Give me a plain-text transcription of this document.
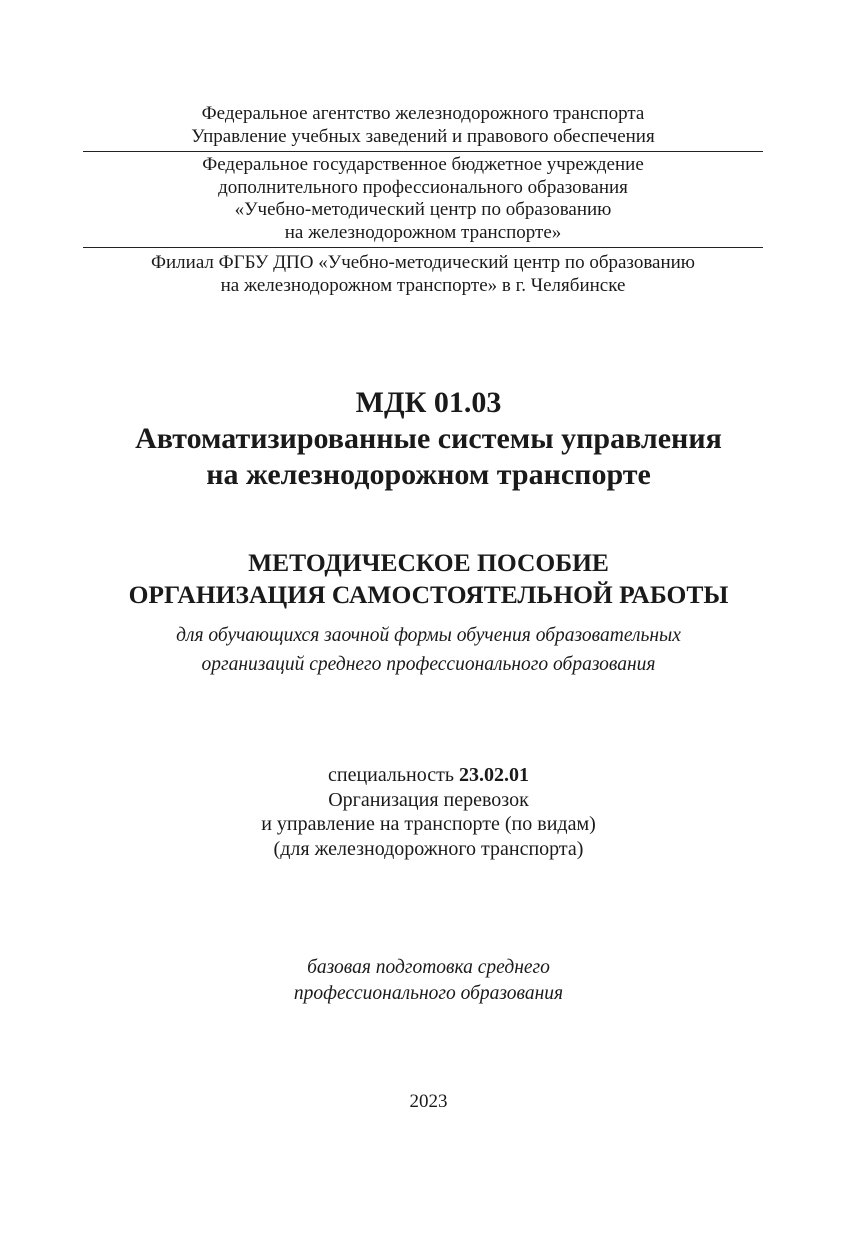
Федеральное агентство железнодорожного транспорта
Управление учебных заведений и правового обеспечения
Федеральное государственное бюджетное учреждение
дополнительного профессионального образования
«Учебно-методический центр по образованию
на железнодорожном транспорте»
Филиал ФГБУ ДПО «Учебно-методический центр по образованию
на железнодорожном транспорте» в г. Челябинске
МДК 01.03
Автоматизированные системы управления
на железнодорожном транспорте
МЕТОДИЧЕСКОЕ ПОСОБИЕ
ОРГАНИЗАЦИЯ САМОСТОЯТЕЛЬНОЙ РАБОТЫ
для обучающихся заочной формы обучения образовательных
организаций среднего профессионального образования
специальность 23.02.01
Организация перевозок
и управление на транспорте (по видам)
(для железнодорожного транспорта)
базовая подготовка среднего
профессионального образования
2023
